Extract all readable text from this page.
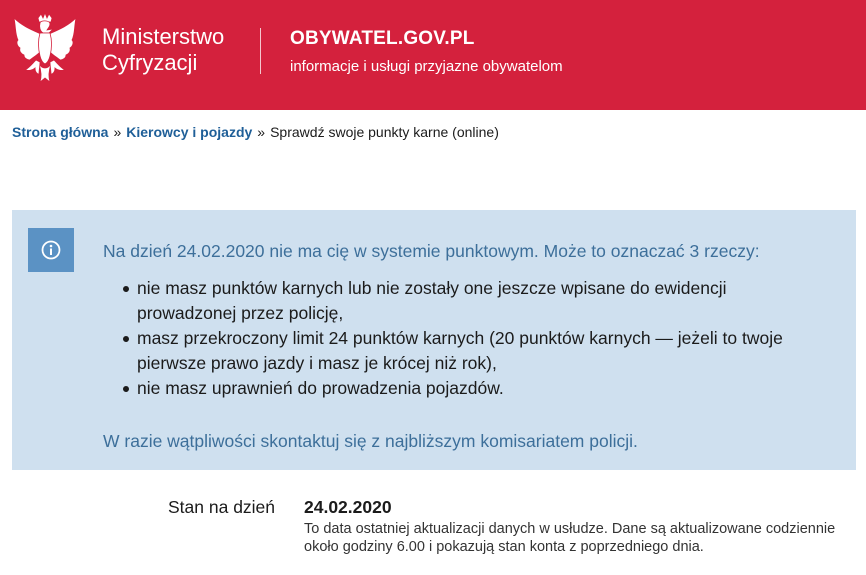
Ministerstwo
Cyfryzacji
OBYWATEL.GOV.PL
informacje i usługi przyjazne obywatelom
Strona główna » Kierowcy i pojazdy » Sprawdź swoje punkty karne (online)

Na dzień 24.02.2020 nie ma cię w systemie punktowym. Może to oznaczać 3 rzeczy:

nie masz punktów karnych lub nie zostały one jeszcze wpisane do ewidencji prowadzonej przez policję,
masz przekroczony limit 24 punktów karnych (20 punktów karnych — jeżeli to twoje pierwsze prawo jazdy i masz je krócej niż rok),
nie masz uprawnień do prowadzenia pojazdów.

W razie wątpliwości skontaktuj się z najbliższym komisariatem policji.

Stan na dzień 24.02.2020
To data ostatniej aktualizacji danych w usłudze. Dane są aktualizowane codziennie około godziny 6.00 i pokazują stan konta z poprzedniego dnia.
